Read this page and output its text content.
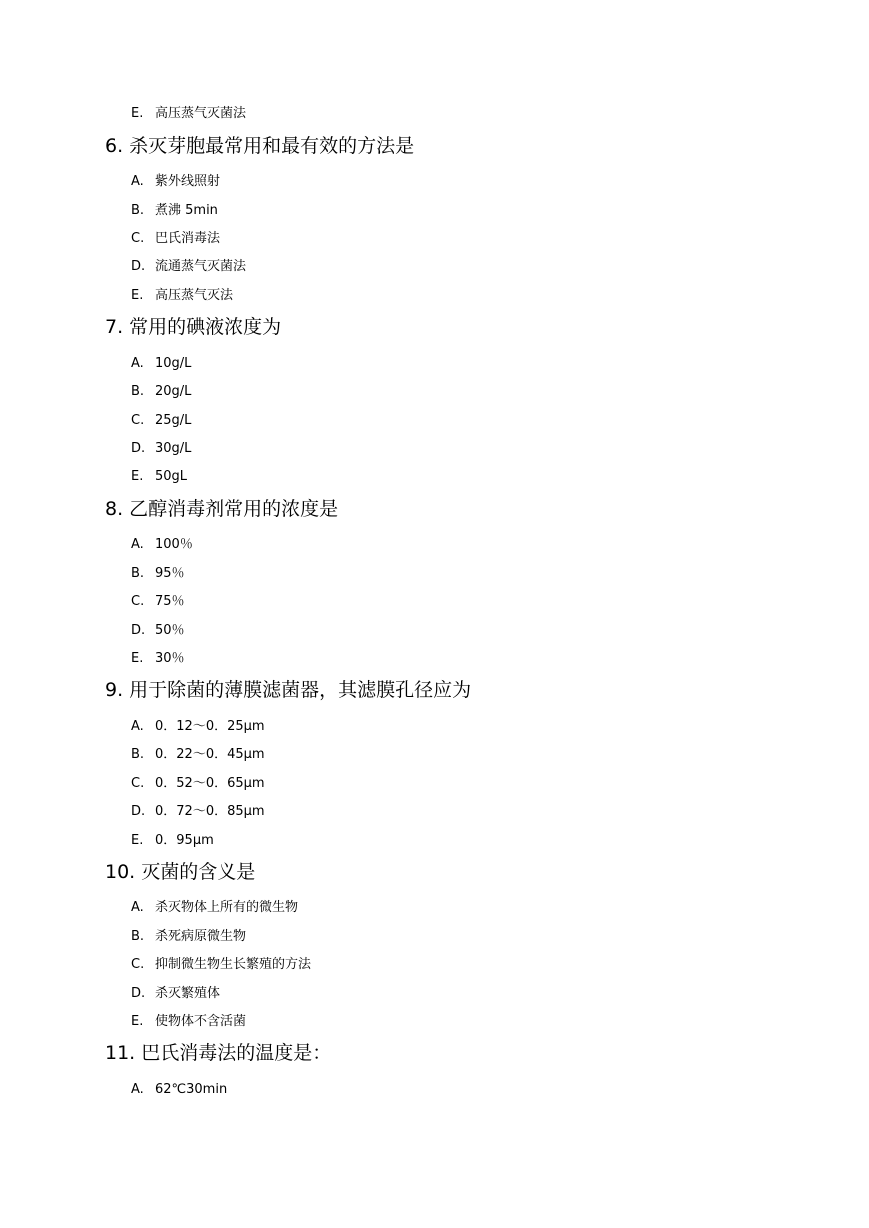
E. 高压蒸气灭菌法
6. 杀灭芽胞最常用和最有效的方法是
A. 紫外线照射
B. 煮沸 5min
C. 巴氏消毒法
D. 流通蒸气灭菌法
E. 高压蒸气灭法
7. 常用的碘液浓度为
A. 10g/L
B. 20g/L
C. 25g/L
D. 30g/L
E. 50gL
8. 乙醇消毒剂常用的浓度是
A. 100％
B. 95％
C. 75％
D. 50％
E. 30％
9. 用于除菌的薄膜滤菌器，其滤膜孔径应为
A. 0．12～0．25μm
B. 0．22～0．45μm
C. 0．52～0．65μm
D. 0．72～0．85μm
E. 0．95μm
10. 灭菌的含义是
A. 杀灭物体上所有的微生物
B. 杀死病原微生物
C. 抑制微生物生长繁殖的方法
D. 杀灭繁殖体
E. 使物体不含活菌
11. 巴氏消毒法的温度是：
A. 62℃30min
